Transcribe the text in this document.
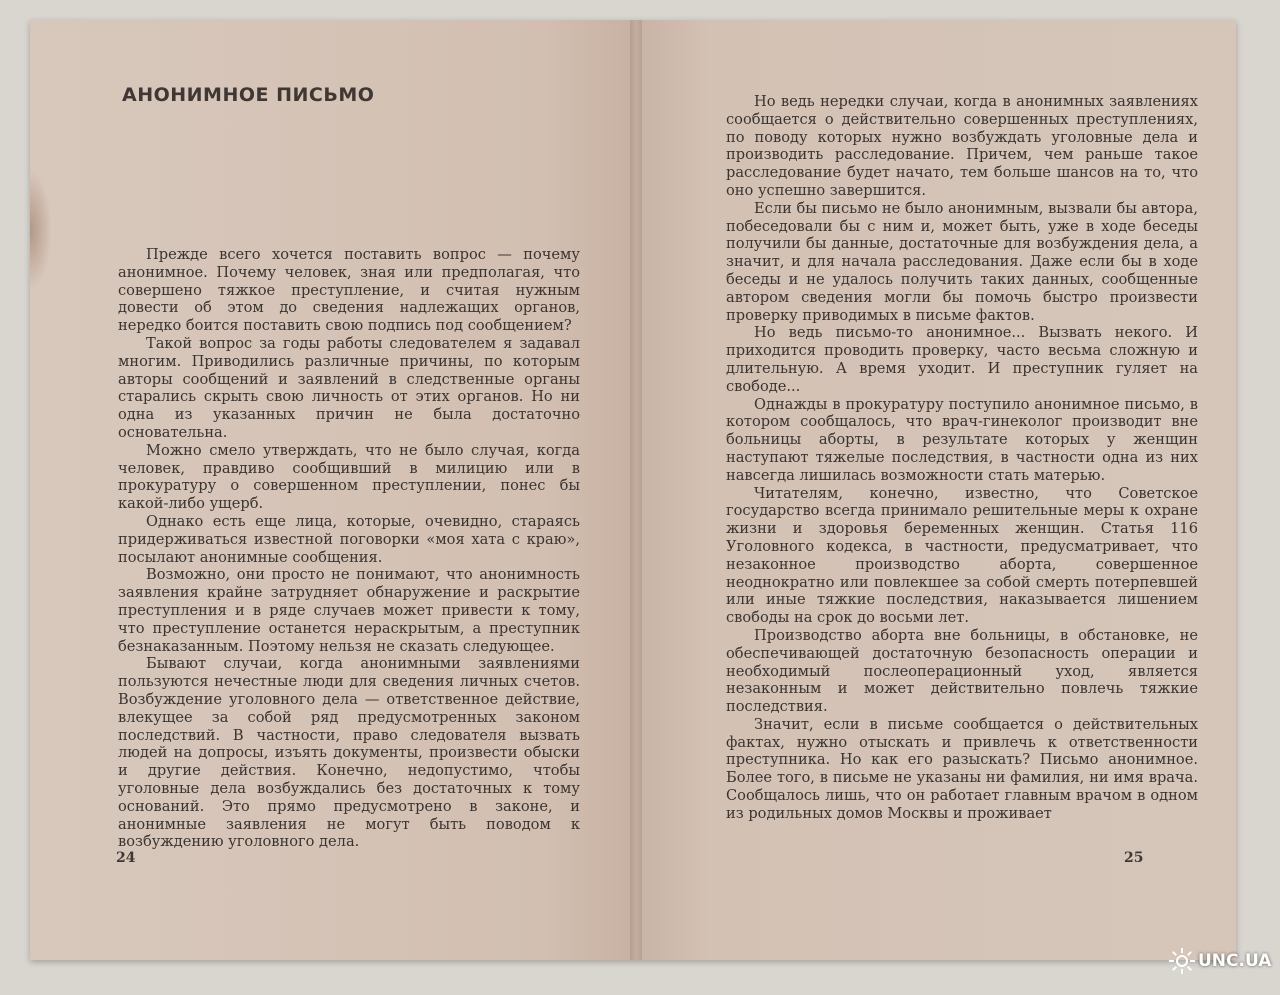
АНОНИМНОЕ ПИСЬМО

Прежде всего хочется поставить вопрос — почему анонимное. Почему человек, зная или предполагая, что совершено тяжкое преступление, и считая нужным довести об этом до сведения надлежащих органов, нередко боится поставить свою подпись под сообщением?

Такой вопрос за годы работы следователем я задавал многим. Приводились различные причины, по которым авторы сообщений и заявлений в следственные органы старались скрыть свою личность от этих органов. Но ни одна из указанных причин не была достаточно основательна.

Можно смело утверждать, что не было случая, когда человек, правдиво сообщивший в милицию или в прокуратуру о совершенном преступлении, понес бы какой-либо ущерб.

Однако есть еще лица, которые, очевидно, стараясь придерживаться известной поговорки «моя хата с краю», посылают анонимные сообщения.

Возможно, они просто не понимают, что анонимность заявления крайне затрудняет обнаружение и раскрытие преступления и в ряде случаев может привести к тому, что преступление останется нераскрытым, а преступник безнаказанным. Поэтому нельзя не сказать следующее.

Бывают случаи, когда анонимными заявлениями пользуются нечестные люди для сведения личных счетов. Возбуждение уголовного дела — ответственное действие, влекущее за собой ряд предусмотренных законом последствий. В частности, право следователя вызвать людей на допросы, изъять документы, произвести обыски и другие действия. Конечно, недопустимо, чтобы уголовные дела возбуждались без достаточных к тому оснований. Это прямо предусмотрено в законе, и анонимные заявления не могут быть поводом к возбуждению уголовного дела.

24

Но ведь нередки случаи, когда в анонимных заявлениях сообщается о действительно совершенных преступлениях, по поводу которых нужно возбуждать уголовные дела и производить расследование. Причем, чем раньше такое расследование будет начато, тем больше шансов на то, что оно успешно завершится.

Если бы письмо не было анонимным, вызвали бы автора, побеседовали бы с ним и, может быть, уже в ходе беседы получили бы данные, достаточные для возбуждения дела, а значит, и для начала расследования. Даже если бы в ходе беседы и не удалось получить таких данных, сообщенные автором сведения могли бы помочь быстро произвести проверку приводимых в письме фактов.

Но ведь письмо-то анонимное... Вызвать некого. И приходится проводить проверку, часто весьма сложную и длительную. А время уходит. И преступник гуляет на свободе...

Однажды в прокуратуру поступило анонимное письмо, в котором сообщалось, что врач-гинеколог производит вне больницы аборты, в результате которых у женщин наступают тяжелые последствия, в частности одна из них навсегда лишилась возможности стать матерью.

Читателям, конечно, известно, что Советское государство всегда принимало решительные меры к охране жизни и здоровья беременных женщин. Статья 116 Уголовного кодекса, в частности, предусматривает, что незаконное производство аборта, совершенное неоднократно или повлекшее за собой смерть потерпевшей или иные тяжкие последствия, наказывается лишением свободы на срок до восьми лет.

Производство аборта вне больницы, в обстановке, не обеспечивающей достаточную безопасность операции и необходимый послеоперационный уход, является незаконным и может действительно повлечь тяжкие последствия.

Значит, если в письме сообщается о действительных фактах, нужно отыскать и привлечь к ответственности преступника. Но как его разыскать? Письмо анонимное. Более того, в письме не указаны ни фамилия, ни имя врача. Сообщалось лишь, что он работает главным врачом в одном из родильных домов Москвы и проживает

25
UNC.UA
